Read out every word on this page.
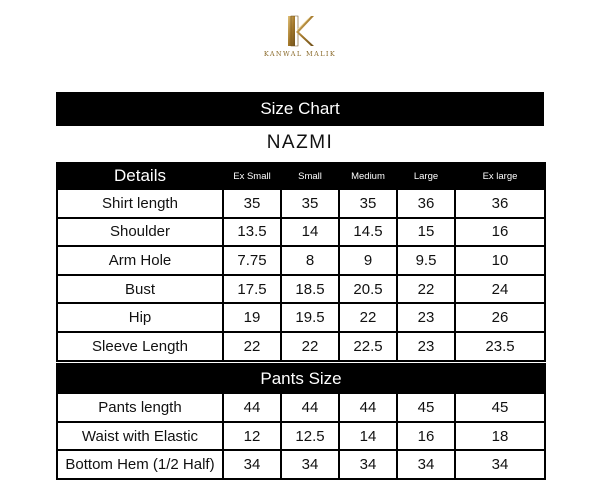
KANWAL MALIK
Size Chart
NAZMI
Details	Ex Small	Small	Medium	Large	Ex large
Shirt length	35	35	35	36	36
Shoulder	13.5	14	14.5	15	16
Arm Hole	7.75	8	9	9.5	10
Bust	17.5	18.5	20.5	22	24
Hip	19	19.5	22	23	26
Sleeve Length	22	22	22.5	23	23.5
Pants Size					
Pants length	44	44	44	45	45
Waist with Elastic	12	12.5	14	16	18
Bottom Hem (1/2 Half)	34	34	34	34	34
